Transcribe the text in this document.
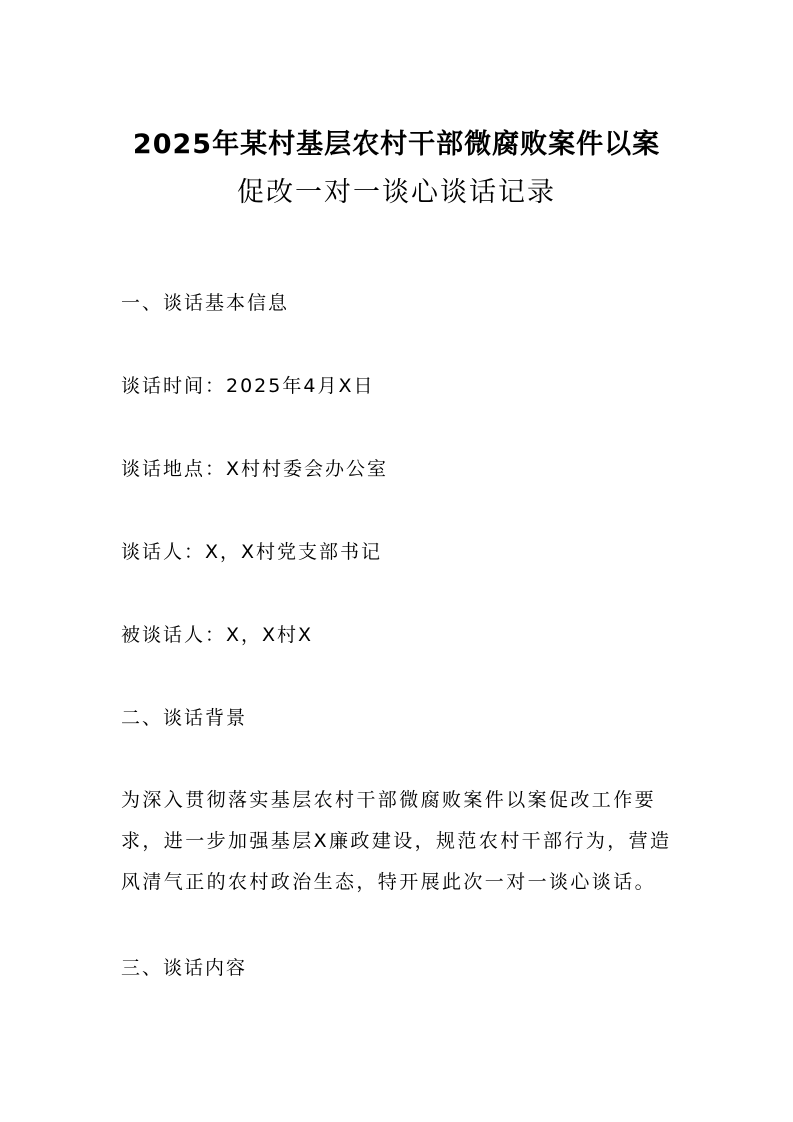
2025年某村基层农村干部微腐败案件以案
促改一对一谈心谈话记录
一、谈话基本信息
谈话时间：2025年4月X日
谈话地点：X村村委会办公室
谈话人：X，X村党支部书记
被谈话人：X，X村X
二、谈话背景
为深入贯彻落实基层农村干部微腐败案件以案促改工作要
求，进一步加强基层X廉政建设，规范农村干部行为，营造
风清气正的农村政治生态，特开展此次一对一谈心谈话。
三、谈话内容
